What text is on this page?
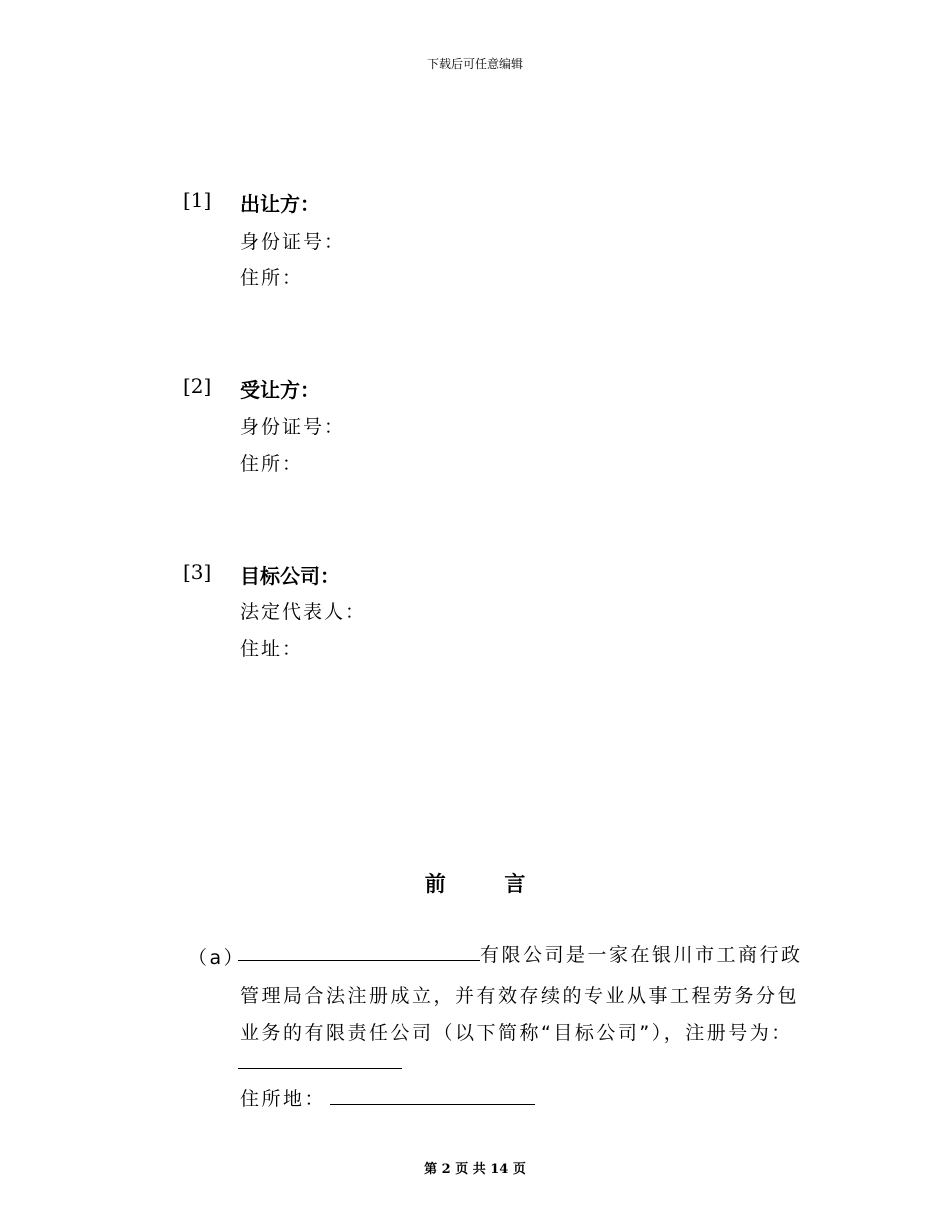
下载后可任意编辑
[1] 出让方：
身份证号：
住所：
[2] 受让方：
身份证号：
住所：
[3] 目标公司：
法定代表人：
住址：
前	言
（a）	有限公司是一家在银川市工商行政
管理局合法注册成立，并有效存续的专业从事工程劳务分包
业务的有限责任公司（以下简称“目标公司”），注册号为：
住所地：
第 2 页 共 14 页
